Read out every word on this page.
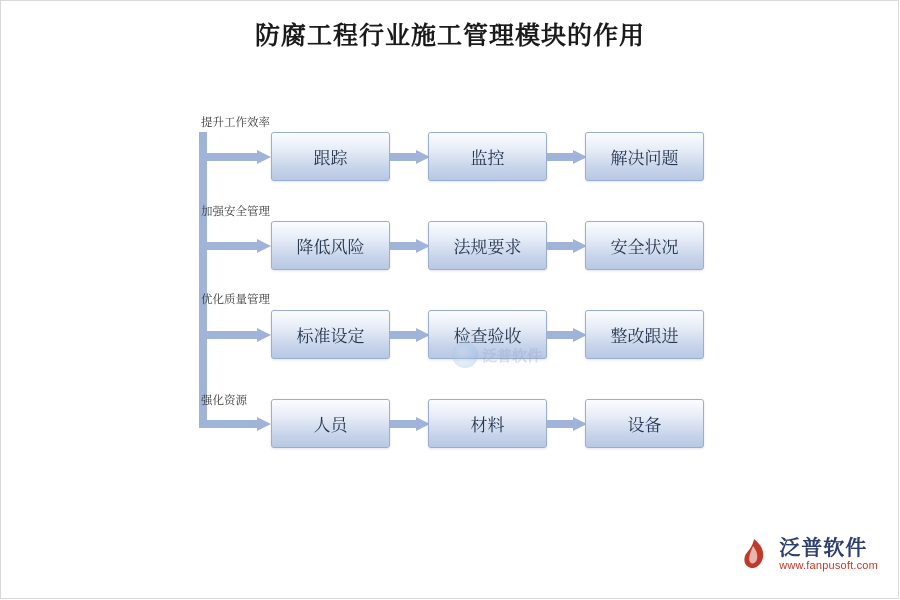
防腐工程行业施工管理模块的作用
提升工作效率
跟踪	监控	解决问题
加强安全管理
降低风险	法规要求	安全状况
优化质量管理
标准设定	检查验收	整改跟进
强化资源
人员	材料	设备
泛普软件
泛普软件
www.fanpusoft.com
